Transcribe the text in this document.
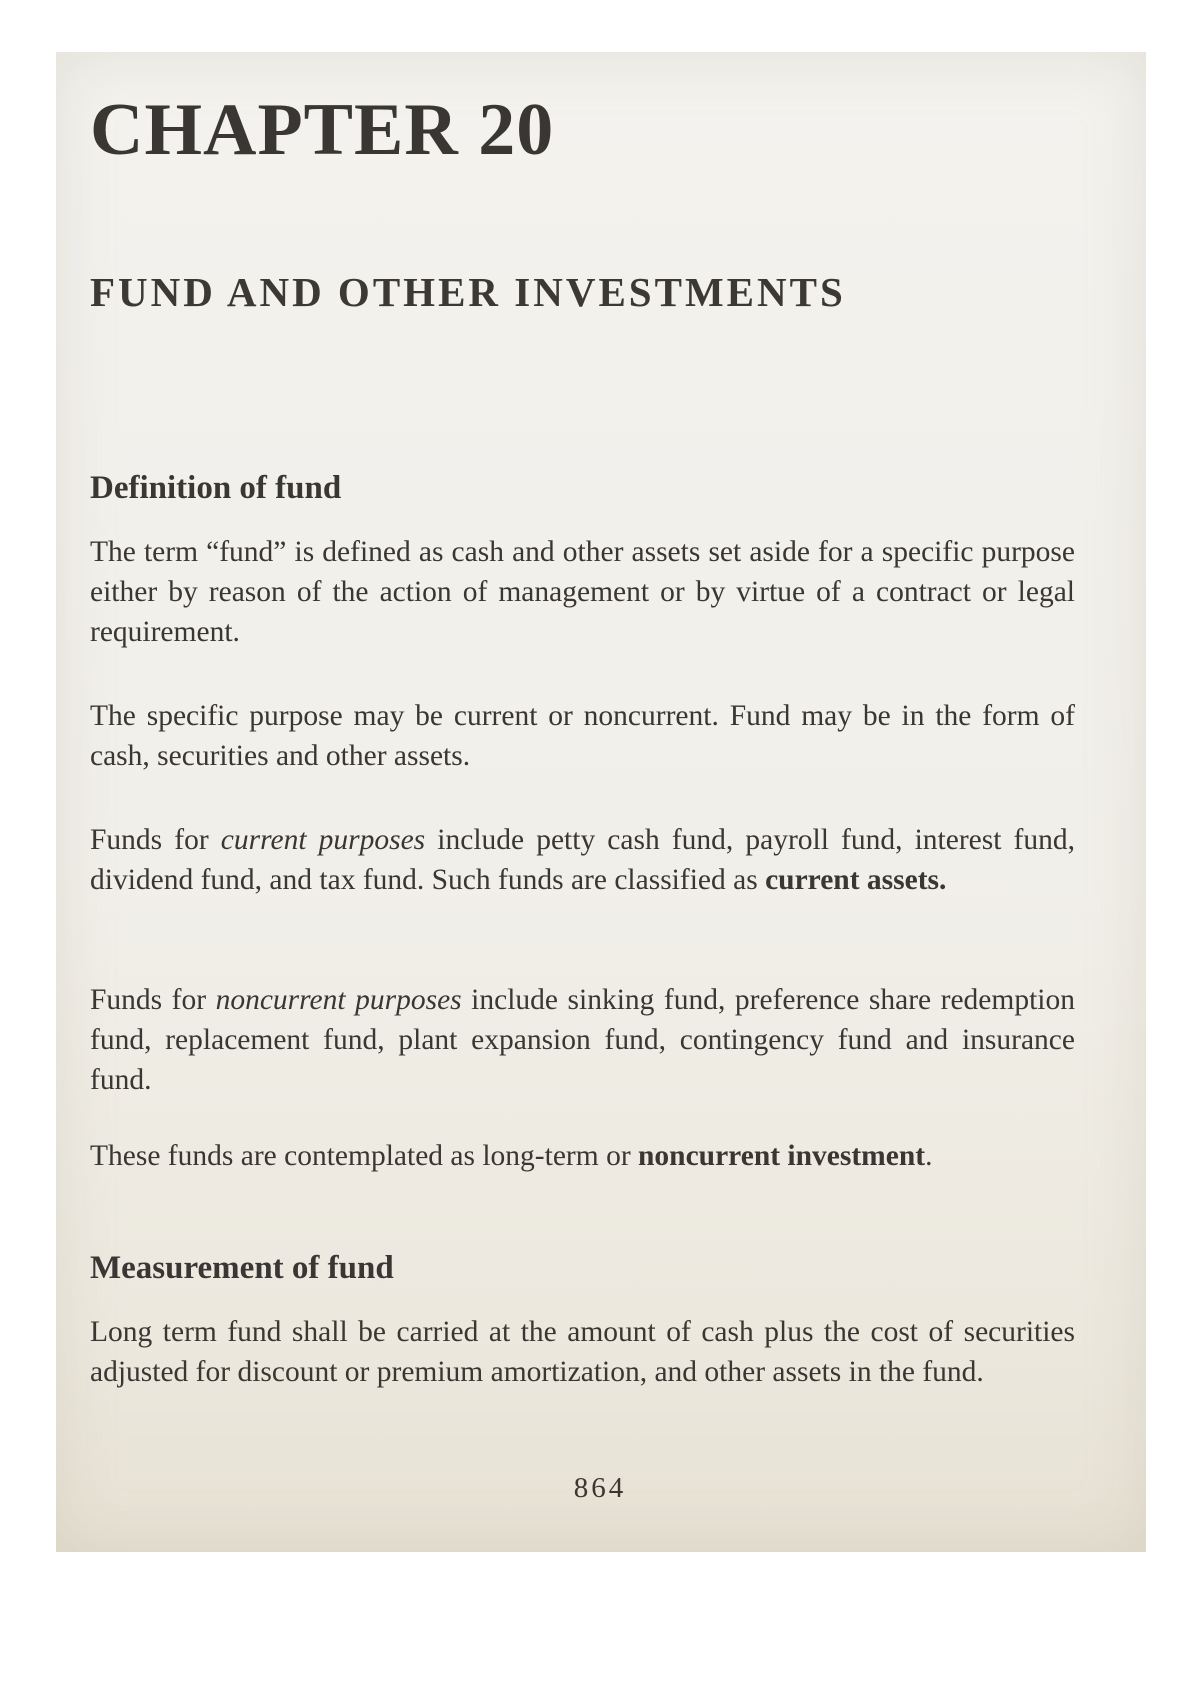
CHAPTER 20
FUND AND OTHER INVESTMENTS
Definition of fund

The term “fund” is defined as cash and other assets set aside for a specific purpose either by reason of the action of management or by virtue of a contract or legal requirement.

The specific purpose may be current or noncurrent. Fund may be in the form of cash, securities and other assets.

Funds for current purposes include petty cash fund, payroll fund, interest fund, dividend fund, and tax fund. Such funds are classified as current assets.

Funds for noncurrent purposes include sinking fund, preference share redemption fund, replacement fund, plant expansion fund, contingency fund and insurance fund.

These funds are contemplated as long-term or noncurrent investment.

Measurement of fund

Long term fund shall be carried at the amount of cash plus the cost of securities adjusted for discount or premium amortization, and other assets in the fund.

864
